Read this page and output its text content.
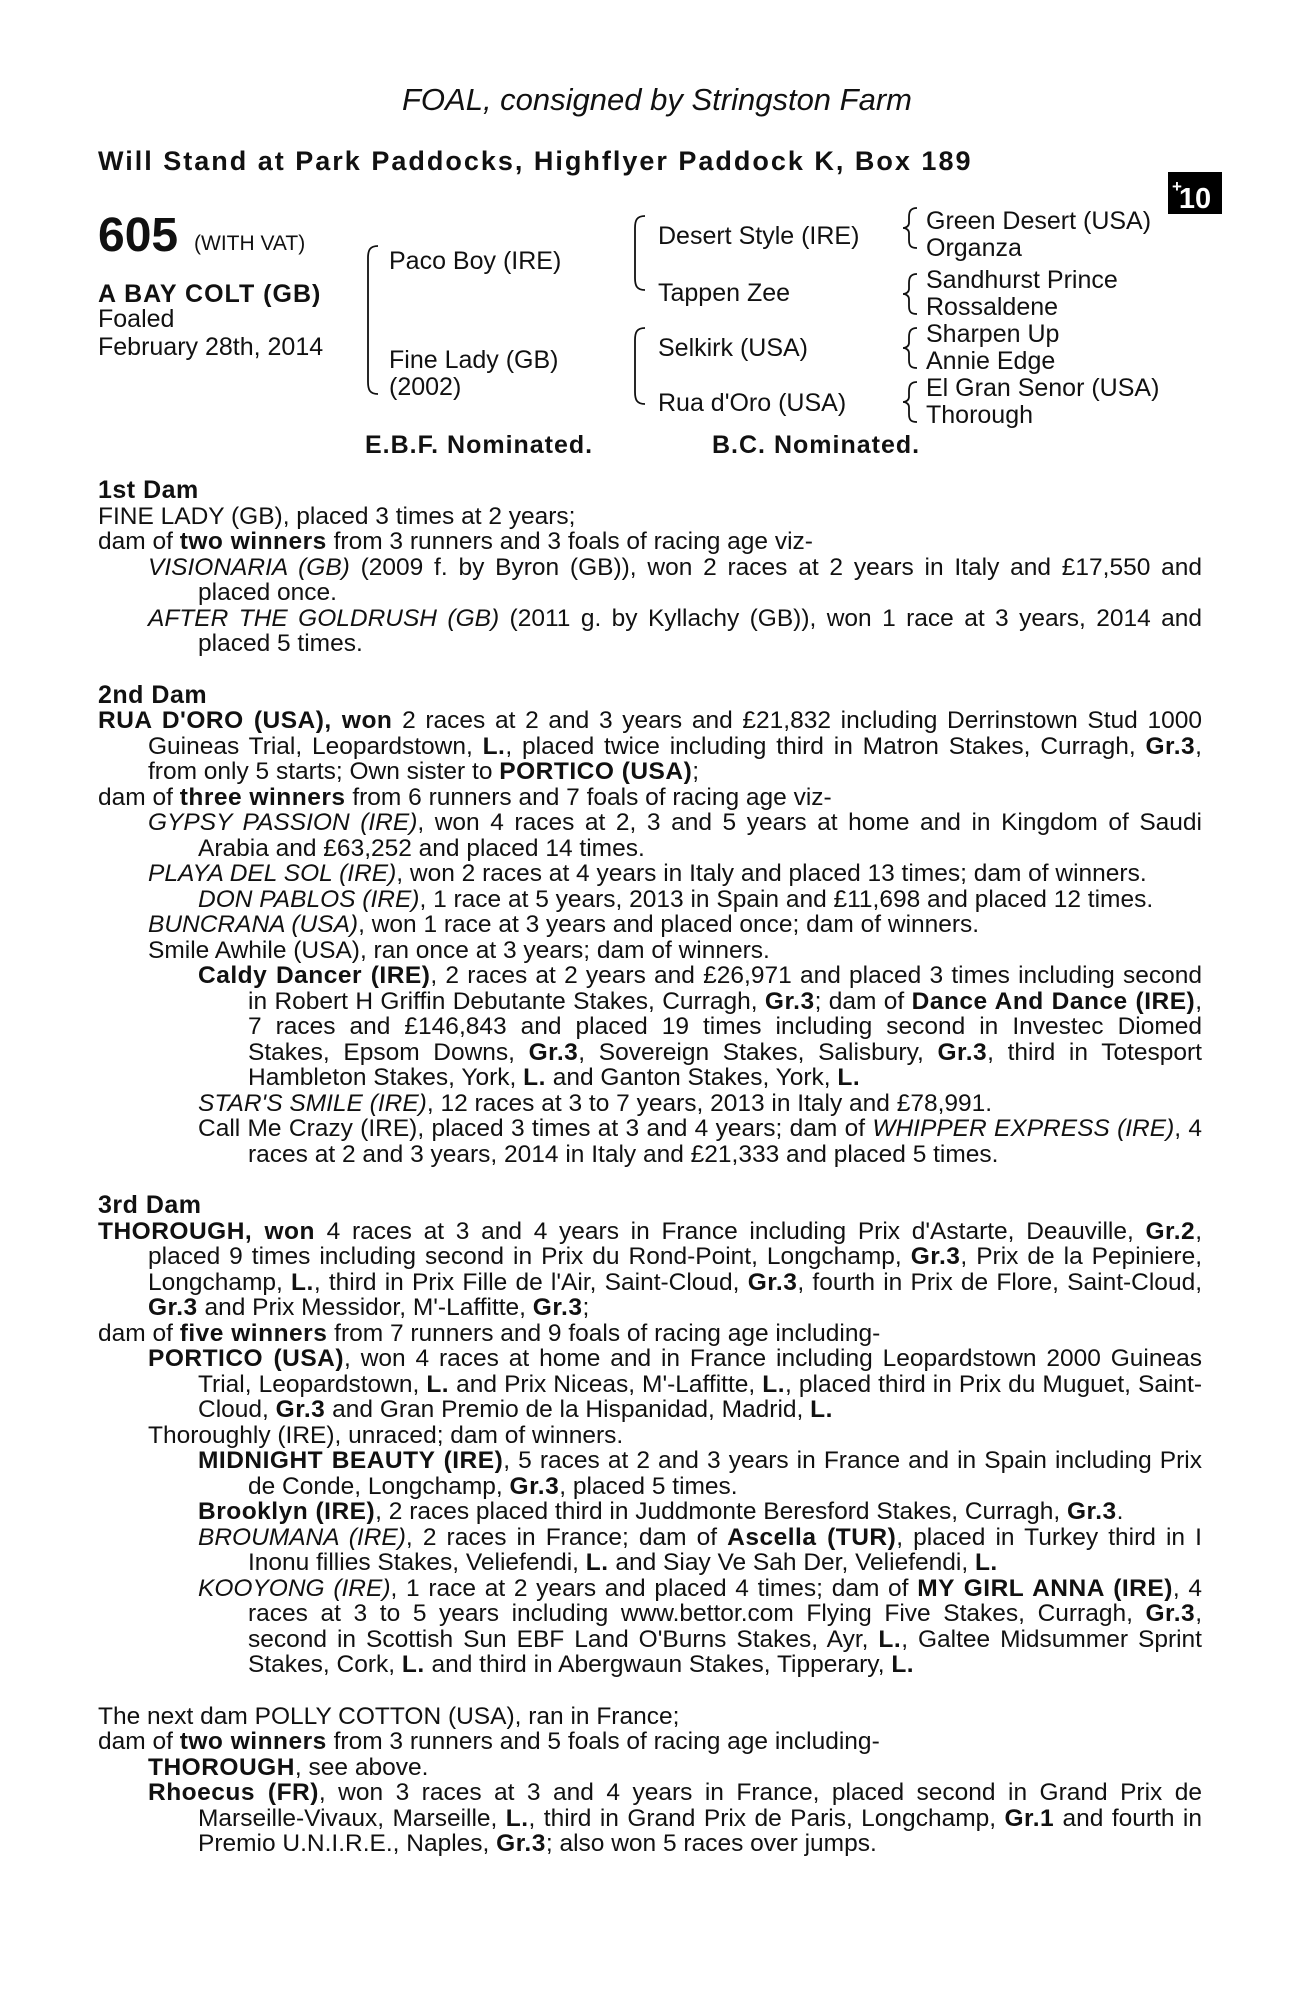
FOAL, consigned by Stringston Farm
Will Stand at Park Paddocks, Highflyer Paddock K, Box 189
+
10
605 (WITH VAT)
A BAY COLT (GB)
Foaled
February 28th, 2014
Paco Boy (IRE)
Fine Lady (GB)
(2002)
Desert Style (IRE)
Tappen Zee
Selkirk (USA)
Rua d'Oro (USA)
Green Desert (USA)
Organza
Sandhurst Prince
Rossaldene
Sharpen Up
Annie Edge
El Gran Senor (USA)
Thorough
E.B.F. Nominated.	B.C. Nominated.

1st Dam

FINE LADY (GB), placed 3 times at 2 years;

dam of two winners from 3 runners and 3 foals of racing age viz-

VISIONARIA (GB) (2009 f. by Byron (GB)), won 2 races at 2 years in Italy and £17,550 and placed once.

AFTER THE GOLDRUSH (GB) (2011 g. by Kyllachy (GB)), won 1 race at 3 years, 2014 and placed 5 times.

2nd Dam

RUA D'ORO (USA), won 2 races at 2 and 3 years and £21,832 including Derrinstown Stud 1000 Guineas Trial, Leopardstown, L., placed twice including third in Matron Stakes, Curragh, Gr.3, from only 5 starts; Own sister to PORTICO (USA);

dam of three winners from 6 runners and 7 foals of racing age viz-

GYPSY PASSION (IRE), won 4 races at 2, 3 and 5 years at home and in Kingdom of Saudi Arabia and £63,252 and placed 14 times.

PLAYA DEL SOL (IRE), won 2 races at 4 years in Italy and placed 13 times; dam of winners.

DON PABLOS (IRE), 1 race at 5 years, 2013 in Spain and £11,698 and placed 12 times.

BUNCRANA (USA), won 1 race at 3 years and placed once; dam of winners.

Smile Awhile (USA), ran once at 3 years; dam of winners.

Caldy Dancer (IRE), 2 races at 2 years and £26,971 and placed 3 times including second in Robert H Griffin Debutante Stakes, Curragh, Gr.3; dam of Dance And Dance (IRE), 7 races and £146,843 and placed 19 times including second in Investec Diomed Stakes, Epsom Downs, Gr.3, Sovereign Stakes, Salisbury, Gr.3, third in Totesport Hambleton Stakes, York, L. and Ganton Stakes, York, L.

STAR'S SMILE (IRE), 12 races at 3 to 7 years, 2013 in Italy and £78,991.

Call Me Crazy (IRE), placed 3 times at 3 and 4 years; dam of WHIPPER EXPRESS (IRE), 4 races at 2 and 3 years, 2014 in Italy and £21,333 and placed 5 times.

3rd Dam

THOROUGH, won 4 races at 3 and 4 years in France including Prix d'Astarte, Deauville, Gr.2, placed 9 times including second in Prix du Rond-Point, Longchamp, Gr.3, Prix de la Pepiniere, Longchamp, L., third in Prix Fille de l'Air, Saint-Cloud, Gr.3, fourth in Prix de Flore, Saint-Cloud, Gr.3 and Prix Messidor, M'-Laffitte, Gr.3;

dam of five winners from 7 runners and 9 foals of racing age including-

PORTICO (USA), won 4 races at home and in France including Leopardstown 2000 Guineas Trial, Leopardstown, L. and Prix Niceas, M'-Laffitte, L., placed third in Prix du Muguet, Saint-Cloud, Gr.3 and Gran Premio de la Hispanidad, Madrid, L.

Thoroughly (IRE), unraced; dam of winners.

MIDNIGHT BEAUTY (IRE), 5 races at 2 and 3 years in France and in Spain including Prix de Conde, Longchamp, Gr.3, placed 5 times.

Brooklyn (IRE), 2 races placed third in Juddmonte Beresford Stakes, Curragh, Gr.3.

BROUMANA (IRE), 2 races in France; dam of Ascella (TUR), placed in Turkey third in I Inonu fillies Stakes, Veliefendi, L. and Siay Ve Sah Der, Veliefendi, L.

KOOYONG (IRE), 1 race at 2 years and placed 4 times; dam of MY GIRL ANNA (IRE), 4 races at 3 to 5 years including www.bettor.com Flying Five Stakes, Curragh, Gr.3, second in Scottish Sun EBF Land O'Burns Stakes, Ayr, L., Galtee Midsummer Sprint Stakes, Cork, L. and third in Abergwaun Stakes, Tipperary, L.

The next dam POLLY COTTON (USA), ran in France;

dam of two winners from 3 runners and 5 foals of racing age including-

THOROUGH, see above.

Rhoecus (FR), won 3 races at 3 and 4 years in France, placed second in Grand Prix de Marseille-Vivaux, Marseille, L., third in Grand Prix de Paris, Longchamp, Gr.1 and fourth in Premio U.N.I.R.E., Naples, Gr.3; also won 5 races over jumps.
